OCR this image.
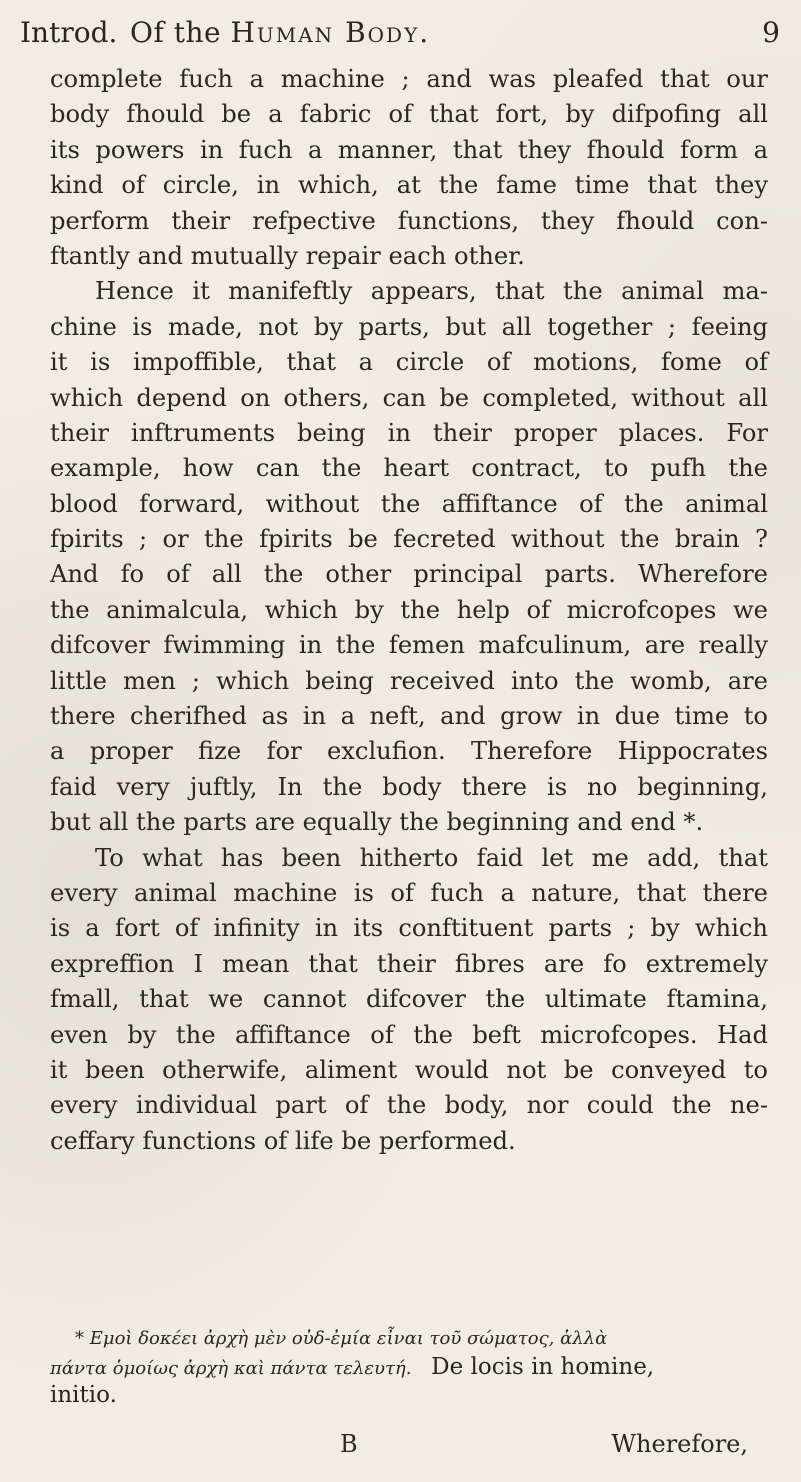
Introd. Of the Human Body.	9
complete fuch a machine ; and was pleafed that our
body fhould be a fabric of that fort, by difpofing all
its powers in fuch a manner, that they fhould form a
kind of circle, in which, at the fame time that they
perform their refpective functions, they fhould con-
ftantly and mutually repair each other.
Hence it manifeftly appears, that the animal ma-
chine is made, not by parts, but all together ; feeing
it is impoffible, that a circle of motions, fome of
which depend on others, can be completed, without all
their inftruments being in their proper places. For
example, how can the heart contract, to pufh the
blood forward, without the affiftance of the animal
fpirits ; or the fpirits be fecreted without the brain ?
And fo of all the other principal parts. Wherefore
the animalcula, which by the help of microfcopes we
difcover fwimming in the femen mafculinum, are really
little men ; which being received into the womb, are
there cherifhed as in a neft, and grow in due time to
a proper fize for exclufion. Therefore Hippocrates
faid very juftly, In the body there is no beginning,
but all the parts are equally the beginning and end *.
To what has been hitherto faid let me add, that
every animal machine is of fuch a nature, that there
is a fort of infinity in its conftituent parts ; by which
expreffion I mean that their fibres are fo extremely
fmall, that we cannot difcover the ultimate ftamina,
even by the affiftance of the beft microfcopes. Had
it been otherwife, aliment would not be conveyed to
every individual part of the body, nor could the ne-
ceffary functions of life be performed.
* Εμοὶ δοκέει ἀρχὴ μὲν οὐδ-ἐμία εἶναι τοῦ σώματος, ἀλλὰ
πάντα ὁμοίως ἀρχὴ καὶ πάντα τελευτή. De locis in homine,
initio.
B	Wherefore,
